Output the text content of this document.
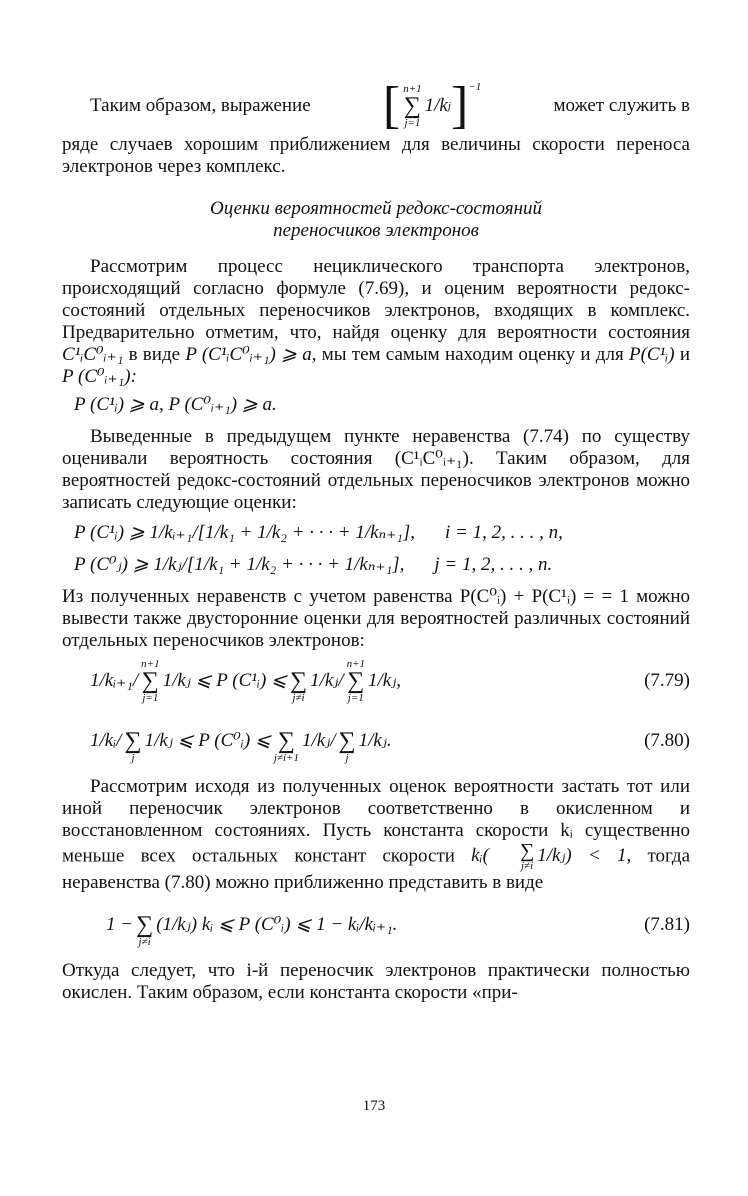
Таким образом, выражение [ n+1
∑
j=1
1/k j ]$^{-1}$
может служить в

ряде случаев хорошим приближением для величины скорости переноса электронов через комплекс.

Оценки вероятностей редокс-состояний

переносчиков электронов

Рассмотрим процесс нециклического транспорта электронов, происходящий согласно формуле (7.69), и оценим вероятности редокс-состояний отдельных переносчиков электронов, входящих в комплекс. Предварительно отметим, что, найдя оценку для вероятности состояния C¹ᵢC⁰ᵢ₊₁ в виде P (C¹ᵢC⁰ᵢ₊₁) ⩾ a, мы тем самым находим оценку и для P(C¹ᵢ) и P (C⁰ᵢ₊₁):

P (C¹ᵢ) ⩾ a, P (C⁰ᵢ₊₁) ⩾ a.

Выведенные в предыдущем пункте неравенства (7.74) по существу оценивали вероятность состояния (C¹ᵢC⁰ᵢ₊₁). Таким образом, для вероятностей редокс-состояний отдельных переносчиков электронов можно записать следующие оценки:

P (C¹ᵢ) ⩾ 1/kᵢ₊₁/[1/k₁ + 1/k₂ + · · · + 1/kₙ₊₁], i = 1, 2, . . . , n,
P (C⁰ⱼ) ⩾ 1/kⱼ/[1/k₁ + 1/k₂ + · · · + 1/kₙ₊₁], j = 1, 2, . . . , n.

Из полученных неравенств с учетом равенства P(C⁰ᵢ) + P(C¹ᵢ) = = 1 можно вывести также двусторонние оценки для вероятностей различных состояний отдельных переносчиков электронов:

1/kᵢ₊₁/
n+1
∑
j=1
1/kⱼ ⩽ P (C¹ᵢ) ⩽
∑
j≠i
1/kⱼ/
n+1
∑
j=1
1/kⱼ,	(7.79)
1/kᵢ/
∑
j
1/kⱼ ⩽ P (C⁰ᵢ) ⩽
∑
j≠i+1
1/kⱼ/
∑
j
1/kⱼ.	(7.80)

Рассмотрим исходя из полученных оценок вероятности застать тот или иной переносчик электронов соответственно в окисленном и восстановленном состояниях. Пусть константа скорости kᵢ существенно меньше всех остальных констант скорости kᵢ(	∑
j≠i 1/kⱼ) < 1, тогда неравенства (7.80) можно приближенно представить в виде

1 −
∑
j≠i
(1/kⱼ) kᵢ ⩽ P (C⁰ᵢ) ⩽ 1 − kᵢ/kᵢ₊₁.	(7.81)

Откуда следует, что i-й переносчик электронов практически полностью окислен. Таким образом, если константа скорости «при-

173
